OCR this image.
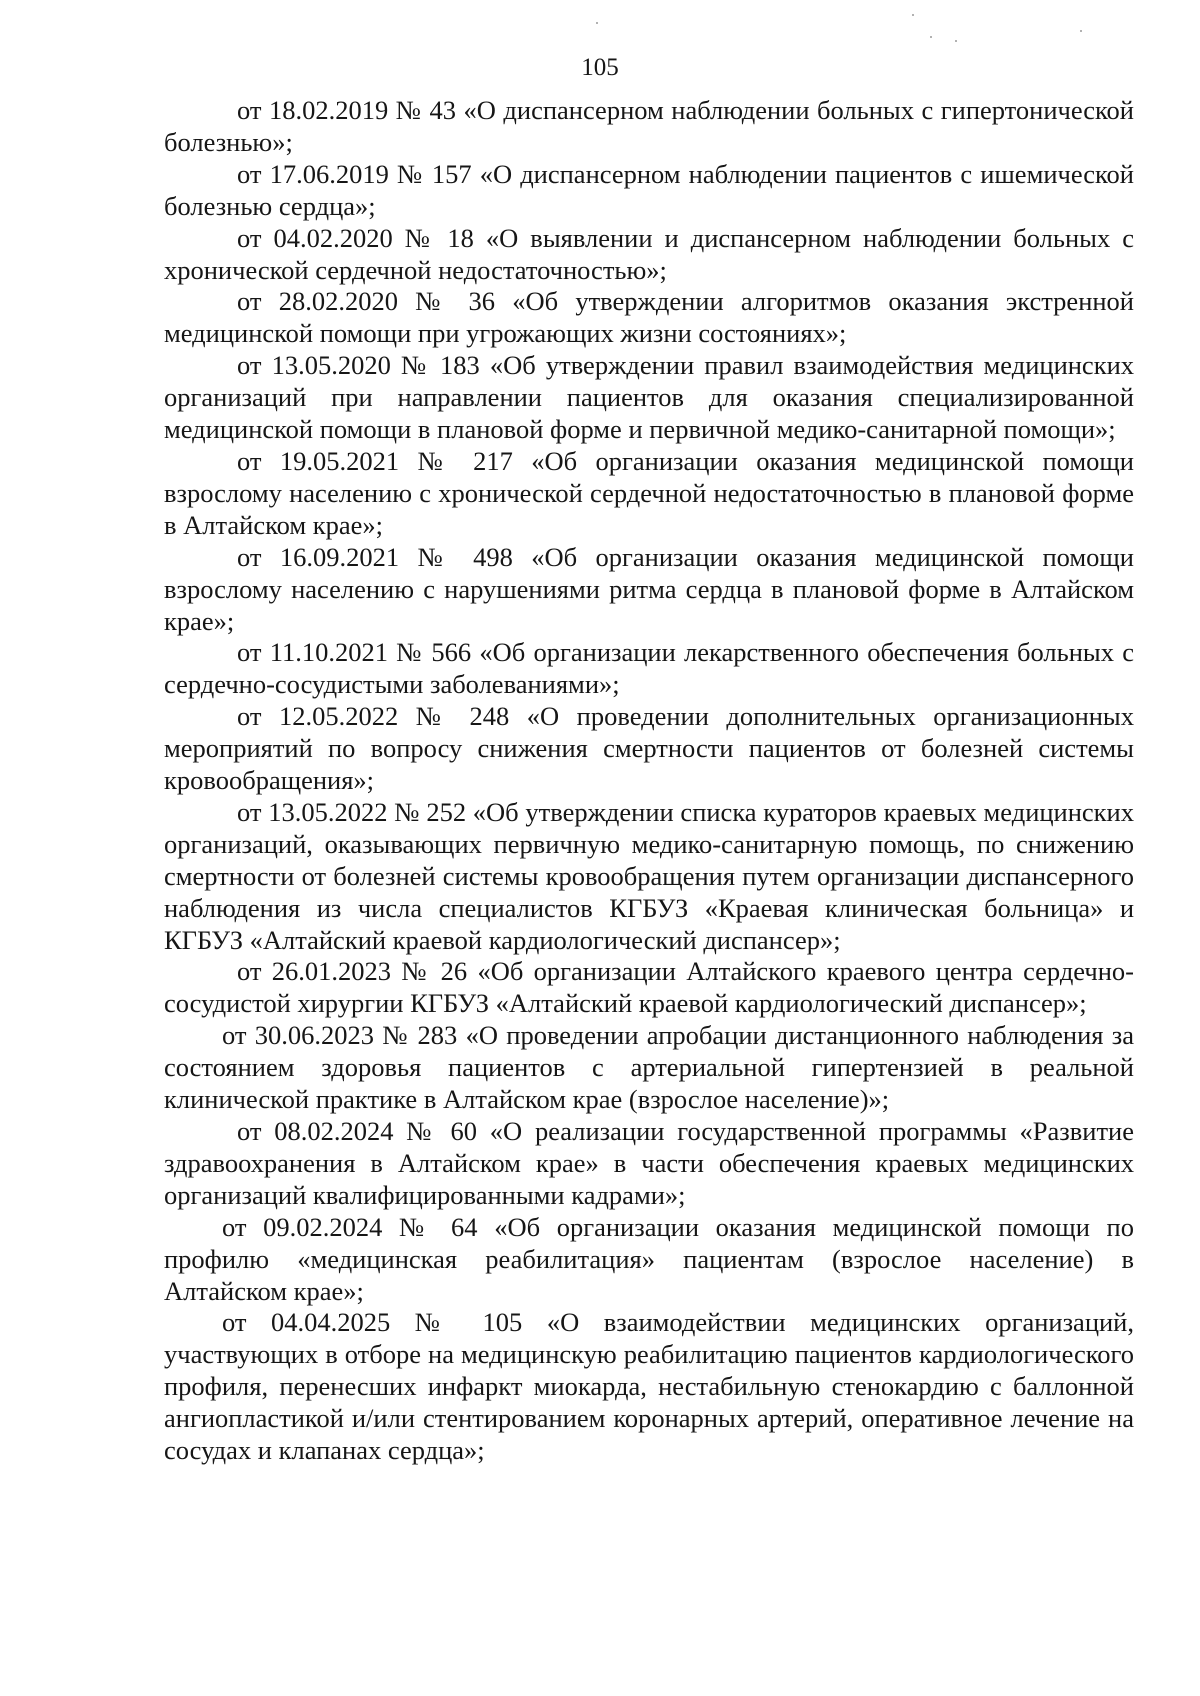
105

от 18.02.2019 № 43 «О диспансерном наблюдении больных с гипертонической болезнью»;

от 17.06.2019 № 157 «О диспансерном наблюдении пациентов с ишемической болезнью сердца»;

от 04.02.2020 № 18 «О выявлении и диспансерном наблюдении больных с хронической сердечной недостаточностью»;

от 28.02.2020 № 36 «Об утверждении алгоритмов оказания экстренной медицинской помощи при угрожающих жизни состояниях»;

от 13.05.2020 № 183 «Об утверждении правил взаимодействия медицинских организаций при направлении пациентов для оказания специализированной медицинской помощи в плановой форме и первичной медико-санитарной помощи»;

от 19.05.2021 № 217 «Об организации оказания медицинской помощи взрослому населению с хронической сердечной недостаточностью в плановой форме в Алтайском крае»;

от 16.09.2021 № 498 «Об организации оказания медицинской помощи взрослому населению с нарушениями ритма сердца в плановой форме в Алтайском крае»;

от 11.10.2021 № 566 «Об организации лекарственного обеспечения больных с сердечно-сосудистыми заболеваниями»;

от 12.05.2022 № 248 «О проведении дополнительных организационных мероприятий по вопросу снижения смертности пациентов от болезней системы кровообращения»;

от 13.05.2022 № 252 «Об утверждении списка кураторов краевых медицинских организаций, оказывающих первичную медико-санитарную помощь, по снижению смертности от болезней системы кровообращения путем организации диспансерного наблюдения из числа специалистов КГБУЗ «Краевая клиническая больница» и КГБУЗ «Алтайский краевой кардиологический диспансер»;

от 26.01.2023 № 26 «Об организации Алтайского краевого центра сердечно-сосудистой хирургии КГБУЗ «Алтайский краевой кардиологический диспансер»;

от 30.06.2023 № 283 «О проведении апробации дистанционного наблюдения за состоянием здоровья пациентов с артериальной гипертензией в реальной клинической практике в Алтайском крае (взрослое население)»;

от 08.02.2024 № 60 «О реализации государственной программы «Развитие здравоохранения в Алтайском крае» в части обеспечения краевых медицинских организаций квалифицированными кадрами»;

от 09.02.2024 № 64 «Об организации оказания медицинской помощи по профилю «медицинская реабилитация» пациентам (взрослое население) в Алтайском крае»;

от 04.04.2025 № 105 «О взаимодействии медицинских организаций, участвующих в отборе на медицинскую реабилитацию пациентов кардиологического профиля, перенесших инфаркт миокарда, нестабильную стенокардию с баллонной ангиопластикой и/или стентированием коронарных артерий, оперативное лечение на сосудах и клапанах сердца»;
